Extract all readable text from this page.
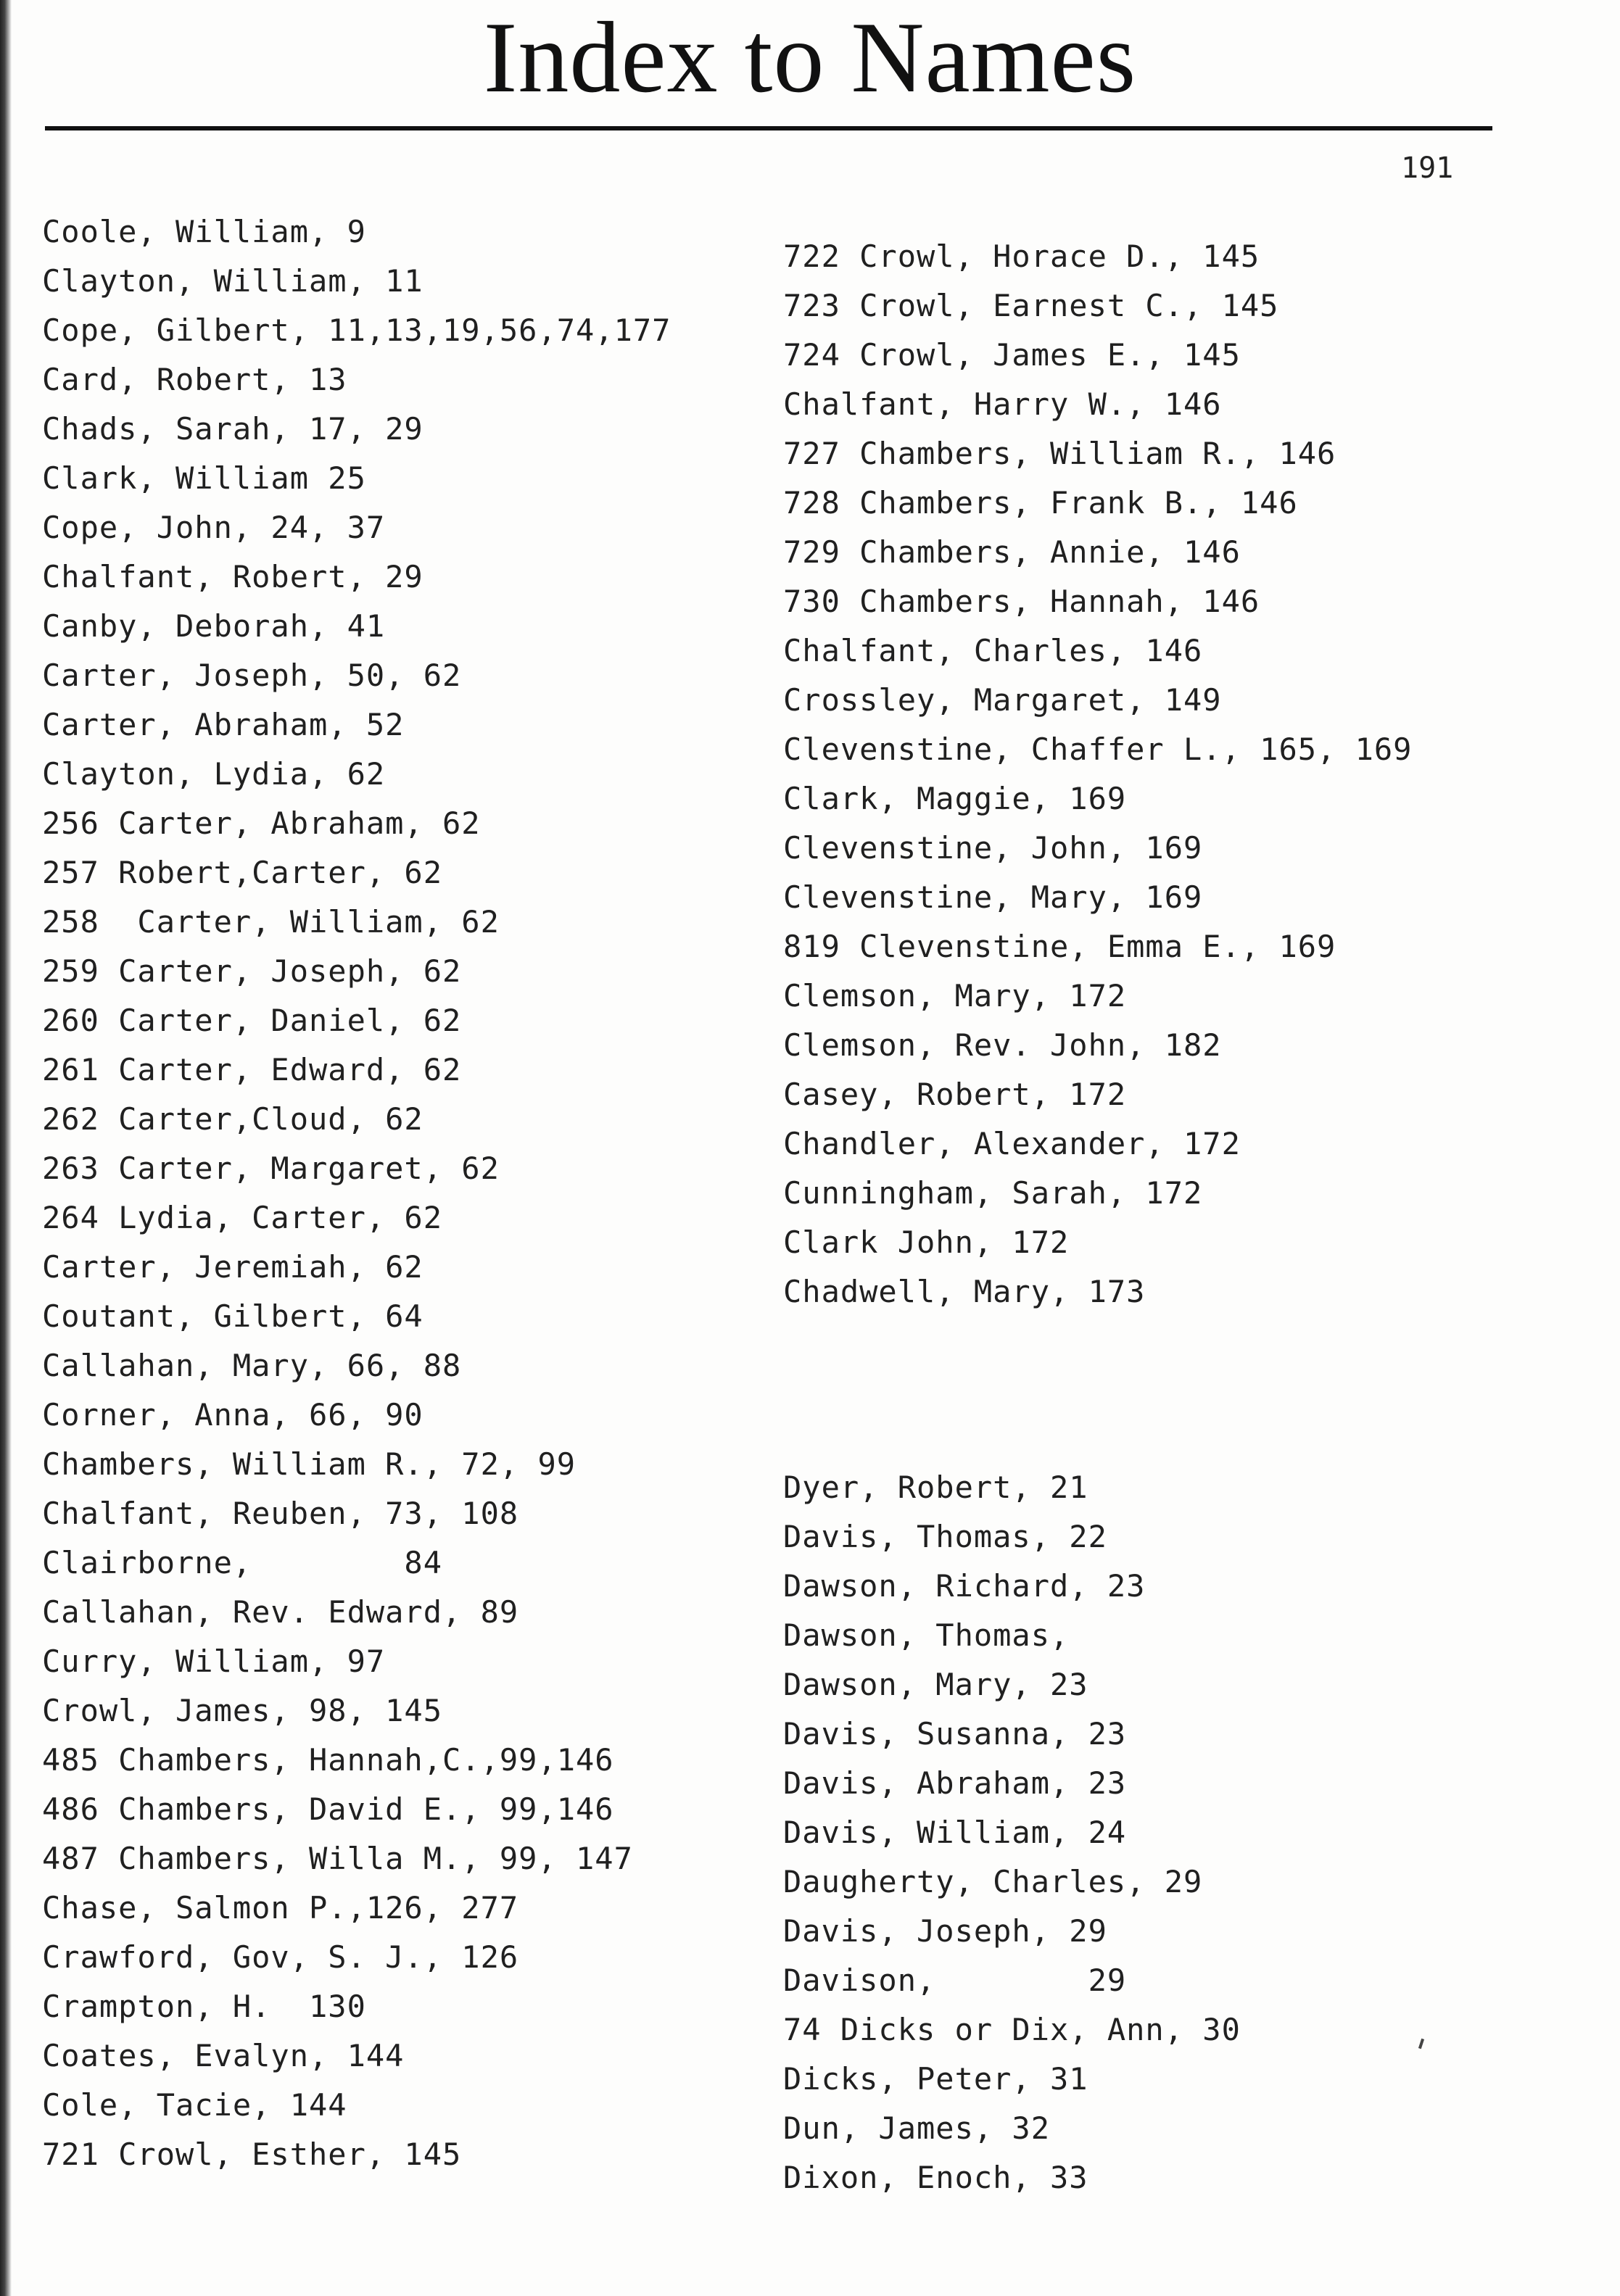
Index to Names
191
Coole, William, 9
Clayton, William, 11
Cope, Gilbert, 11,13,19,56,74,177
Card, Robert, 13
Chads, Sarah, 17, 29
Clark, William 25
Cope, John, 24, 37
Chalfant, Robert, 29
Canby, Deborah, 41
Carter, Joseph, 50, 62
Carter, Abraham, 52
Clayton, Lydia, 62
256 Carter, Abraham, 62
257 Robert,Carter, 62
258  Carter, William, 62
259 Carter, Joseph, 62
260 Carter, Daniel, 62
261 Carter, Edward, 62
262 Carter,Cloud, 62
263 Carter, Margaret, 62
264 Lydia, Carter, 62
Carter, Jeremiah, 62
Coutant, Gilbert, 64
Callahan, Mary, 66, 88
Corner, Anna, 66, 90
Chambers, William R., 72, 99
Chalfant, Reuben, 73, 108
Clairborne,        84
Callahan, Rev. Edward, 89
Curry, William, 97
Crowl, James, 98, 145
485 Chambers, Hannah,C.,99,146
486 Chambers, David E., 99,146
487 Chambers, Willa M., 99, 147
Chase, Salmon P.,126, 277
Crawford, Gov, S. J., 126
Crampton, H.  130
Coates, Evalyn, 144
Cole, Tacie, 144
721 Crowl, Esther, 145
722 Crowl, Horace D., 145
723 Crowl, Earnest C., 145
724 Crowl, James E., 145
Chalfant, Harry W., 146
727 Chambers, William R., 146
728 Chambers, Frank B., 146
729 Chambers, Annie, 146
730 Chambers, Hannah, 146
Chalfant, Charles, 146
Crossley, Margaret, 149
Clevenstine, Chaffer L., 165, 169
Clark, Maggie, 169
Clevenstine, John, 169
Clevenstine, Mary, 169
819 Clevenstine, Emma E., 169
Clemson, Mary, 172
Clemson, Rev. John, 182
Casey, Robert, 172
Chandler, Alexander, 172
Cunningham, Sarah, 172
Clark John, 172
Chadwell, Mary, 173
Dyer, Robert, 21
Davis, Thomas, 22
Dawson, Richard, 23
Dawson, Thomas,
Dawson, Mary, 23
Davis, Susanna, 23
Davis, Abraham, 23
Davis, William, 24
Daugherty, Charles, 29
Davis, Joseph, 29
Davison,        29
74 Dicks or Dix, Ann, 30
Dicks, Peter, 31
Dun, James, 32
Dixon, Enoch, 33
